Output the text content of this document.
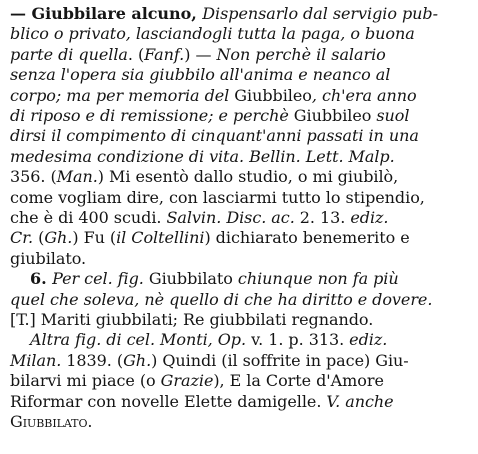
— Giubbilare alcuno, Dispensarlo dal servigio pub-
blico o privato, lasciandogli tutta la paga, o buona
parte di quella. (Fanf.) — Non perchè il salario
senza l'opera sia giubbilo all'anima e neanco al
corpo; ma per memoria del Giubbileo, ch'era anno
di riposo e di remissione; e perchè Giubbileo suol
dirsi il compimento di cinquant'anni passati in una
medesima condizione di vita. Bellin. Lett. Malp.
356. (Man.) Mi esentò dallo studio, o mi giubilò,
come vogliam dire, con lasciarmi tutto lo stipendio,
che è di 400 scudi. Salvin. Disc. ac. 2. 13. ediz.
Cr. (Gh.) Fu (il Coltellini) dichiarato benemerito e
giubilato.
6. Per cel. fig. Giubbilato chiunque non fa più
quel che soleva, nè quello di che ha diritto e dovere.
[T.] Mariti giubbilati; Re giubbilati regnando.
Altra fig. di cel. Monti, Op. v. 1. p. 313. ediz.
Milan. 1839. (Gh.) Quindi (il soffrite in pace) Giu-
bilarvi mi piace (o Grazie), E la Corte d'Amore
Riformar con novelle Elette damigelle. V. anche
Giubbilato.
